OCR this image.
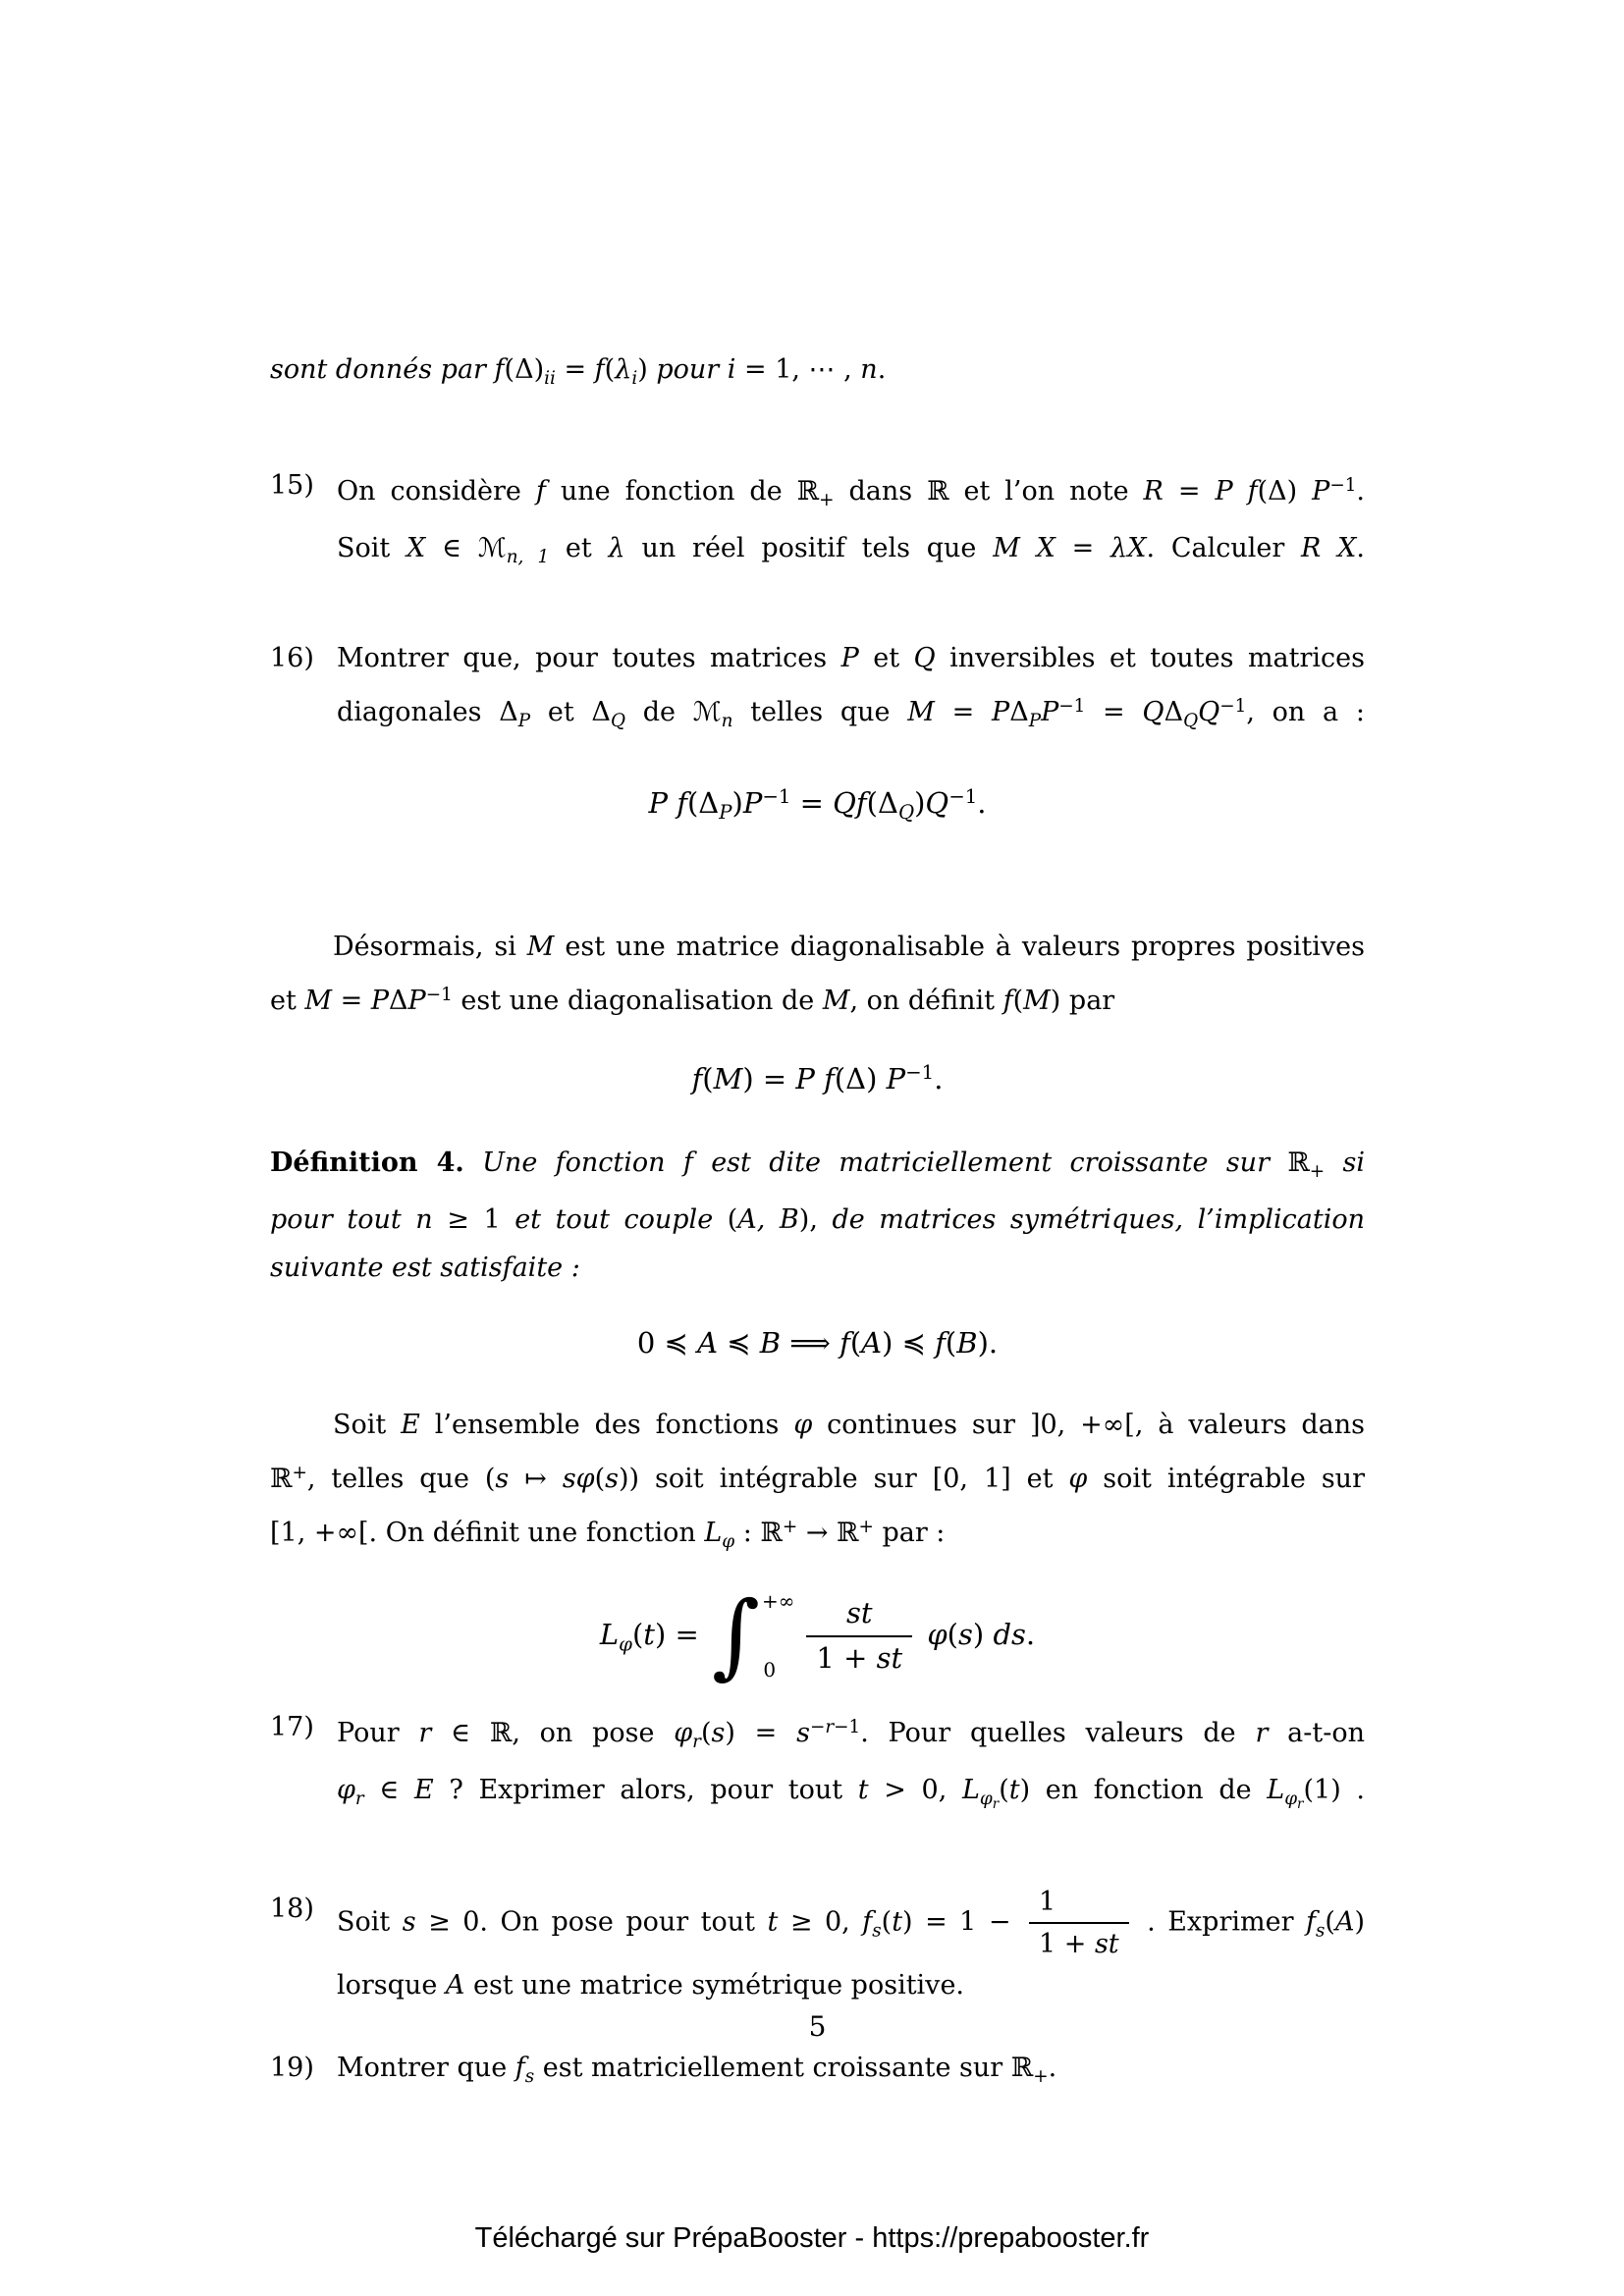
sont donnés par $f(\Delta)_{ii} = f(\lambda_i)$ pour i = 1, ⋯ , n.
15) On considère f une fonction de ℝ$_+$ dans ℝ et l’on note R = P f(Δ) $P^{-1}$.
Soit X ∈ ℳ$_{n, 1}$ et λ un réel positif tels que M X = λX. Calculer R X.
16) Montrer que, pour toutes matrices P et Q inversibles et toutes matrices
diagonales $\Delta_P$ et $\Delta_Q$ de ℳ$_n$ telles que $M = P\Delta_PP^{-1} = Q\Delta_QQ^{-1}$, on a :
P $f(\Delta_P)P^{-1} = Qf(\Delta_Q)Q^{-1}$.
Désormais, si M est une matrice diagonalisable à valeurs propres positives
et $M = P\Delta P^{-1}$ est une diagonalisation de M, on définit f(M) par
f(M) = P f(Δ) $P^{-1}$.
Définition 4. Une fonction f est dite matriciellement croissante sur ℝ$_+$ si
pour tout n ≥ 1 et tout couple (A, B), de matrices symétriques, l’implication
suivante est satisfaite :
0 ≼ A ≼ B ⟹ f(A) ≼ f(B).
Soit E l’ensemble des fonctions φ continues sur ]0, +∞[, à valeurs dans
ℝ+, telles que (s ↦ sφ(s)) soit intégrable sur [0, 1] et φ soit intégrable sur
[1, +∞[. On définit une fonction $L_\varphi$ : ℝ+ → ℝ+ par :
$L_\varphi(t)$ = ∫ +∞
0	$\frac{st}{1 + st} \varphi(s)$ ds.
17) Pour r ∈ ℝ, on pose $\varphi_r(s) = s^{-r-1}$. Pour quelles valeurs de r a-t-on
$\varphi_r$ ∈ E ? Exprimer alors, pour tout t > 0, $L_{\varphi r}(t)$ en fonction de $L_{\varphi r}(1)$ .
18) Soit s ≥ 0. On pose pour tout t ≥ 0, $f_s(t) = 1 - \frac{1}{1 + st}$ . Exprimer $f_s(A)$
lorsque A est une matrice symétrique positive.
19) Montrer que $f_s$ est matriciellement croissante sur ℝ$_+$.
5
Téléchargé sur PrépaBooster - https://prepabooster.fr
